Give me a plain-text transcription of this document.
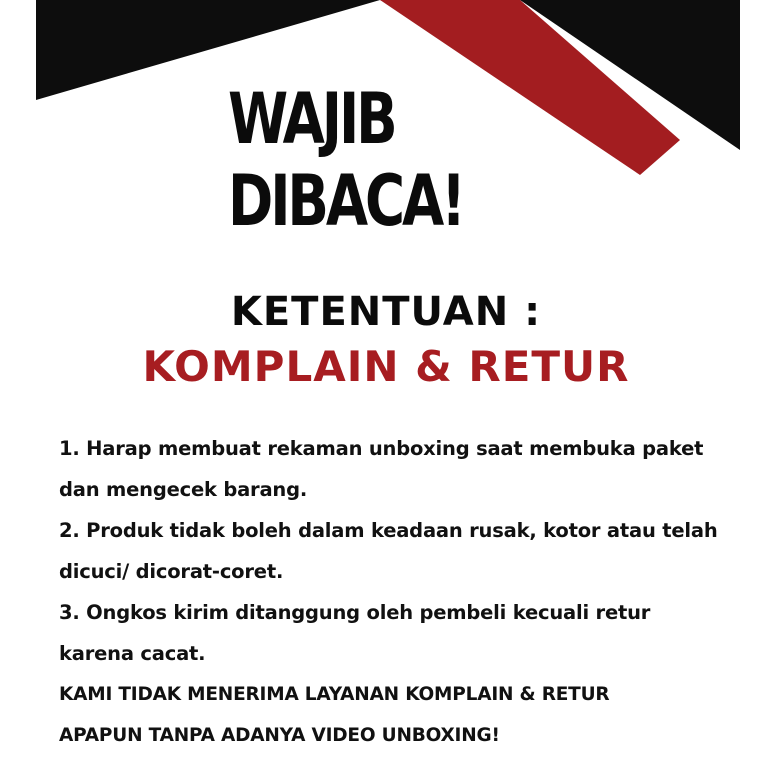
WAJIB
DIBACA!
KETENTUAN :
KOMPLAIN & RETUR
1. Harap membuat rekaman unboxing saat membuka paket
dan mengecek barang.
2. Produk tidak boleh dalam keadaan rusak, kotor atau telah
dicuci/ dicorat-coret.
3. Ongkos kirim ditanggung oleh pembeli kecuali retur
karena cacat.

KAMI TIDAK MENERIMA LAYANAN KOMPLAIN & RETUR
APAPUN TANPA ADANYA VIDEO UNBOXING!
